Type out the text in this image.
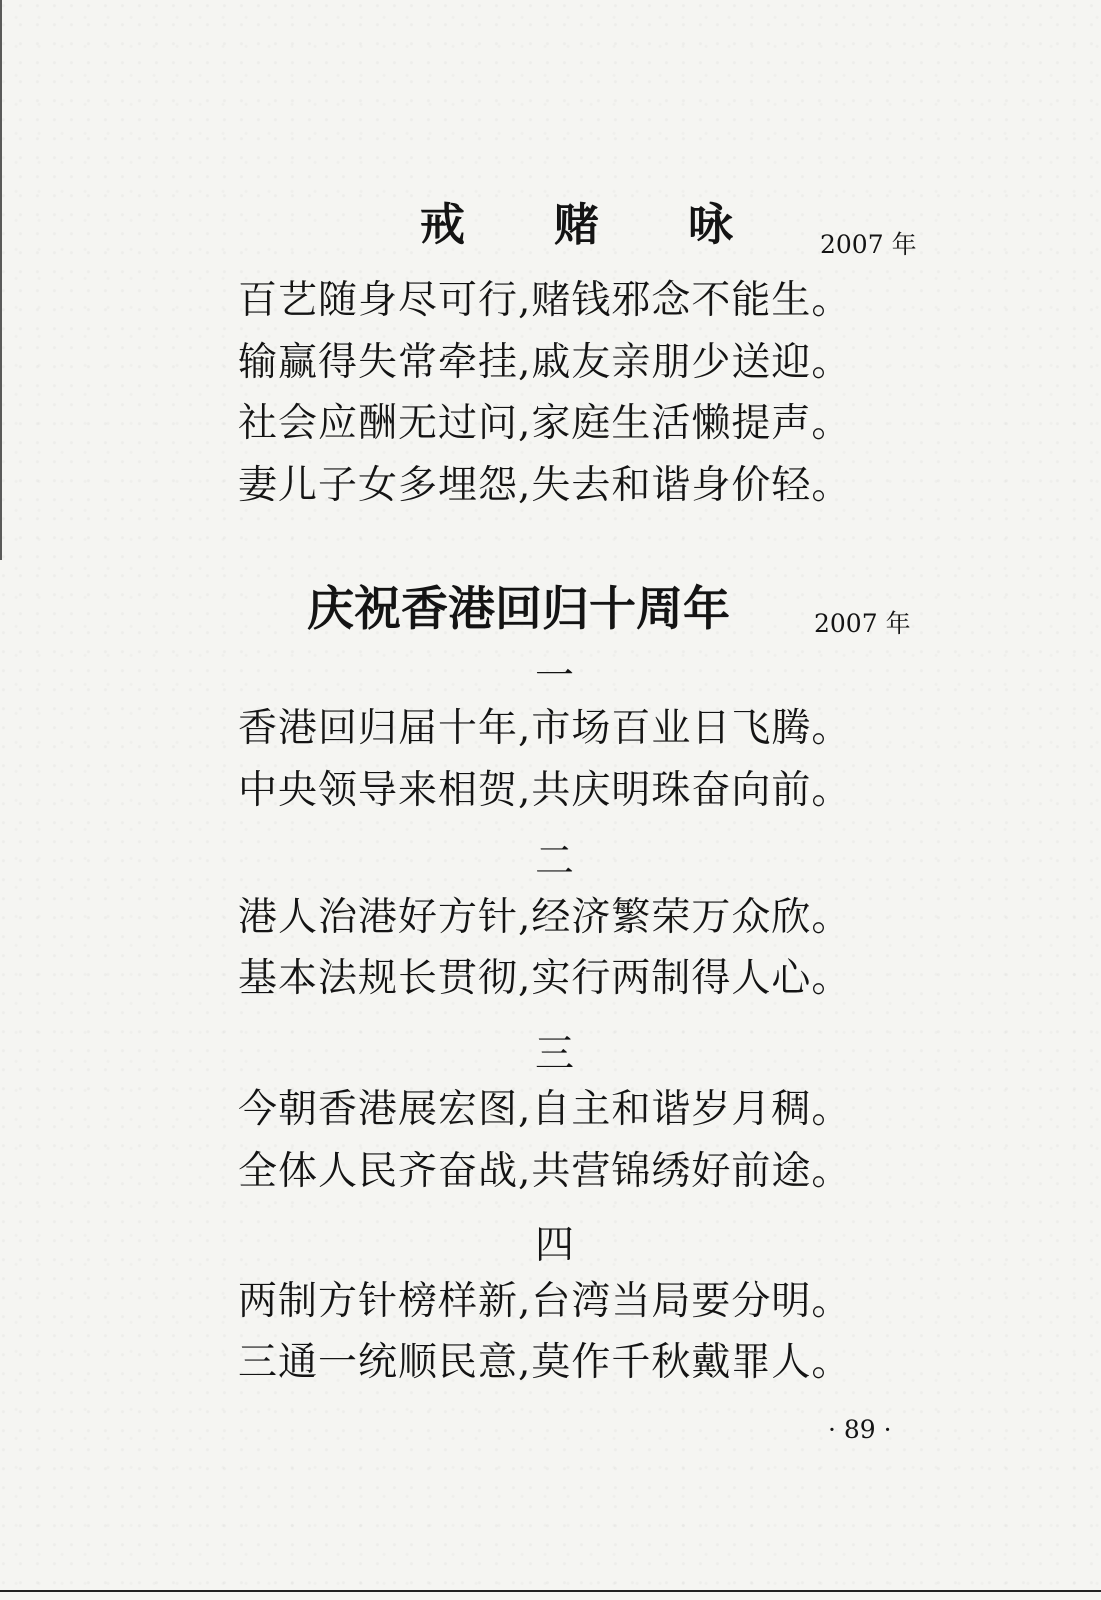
戒　赌　咏	2007 年
百艺随身尽可行,赌钱邪念不能生。
输赢得失常牵挂,戚友亲朋少送迎。
社会应酬无过问,家庭生活懒提声。
妻儿子女多埋怨,失去和谐身价轻。
庆祝香港回归十周年	2007 年
一
香港回归届十年,市场百业日飞腾。
中央领导来相贺,共庆明珠奋向前。
二
港人治港好方针,经济繁荣万众欣。
基本法规长贯彻,实行两制得人心。
三
今朝香港展宏图,自主和谐岁月稠。
全体人民齐奋战,共营锦绣好前途。
四
两制方针榜样新,台湾当局要分明。
三通一统顺民意,莫作千秋戴罪人。
· 89 ·
